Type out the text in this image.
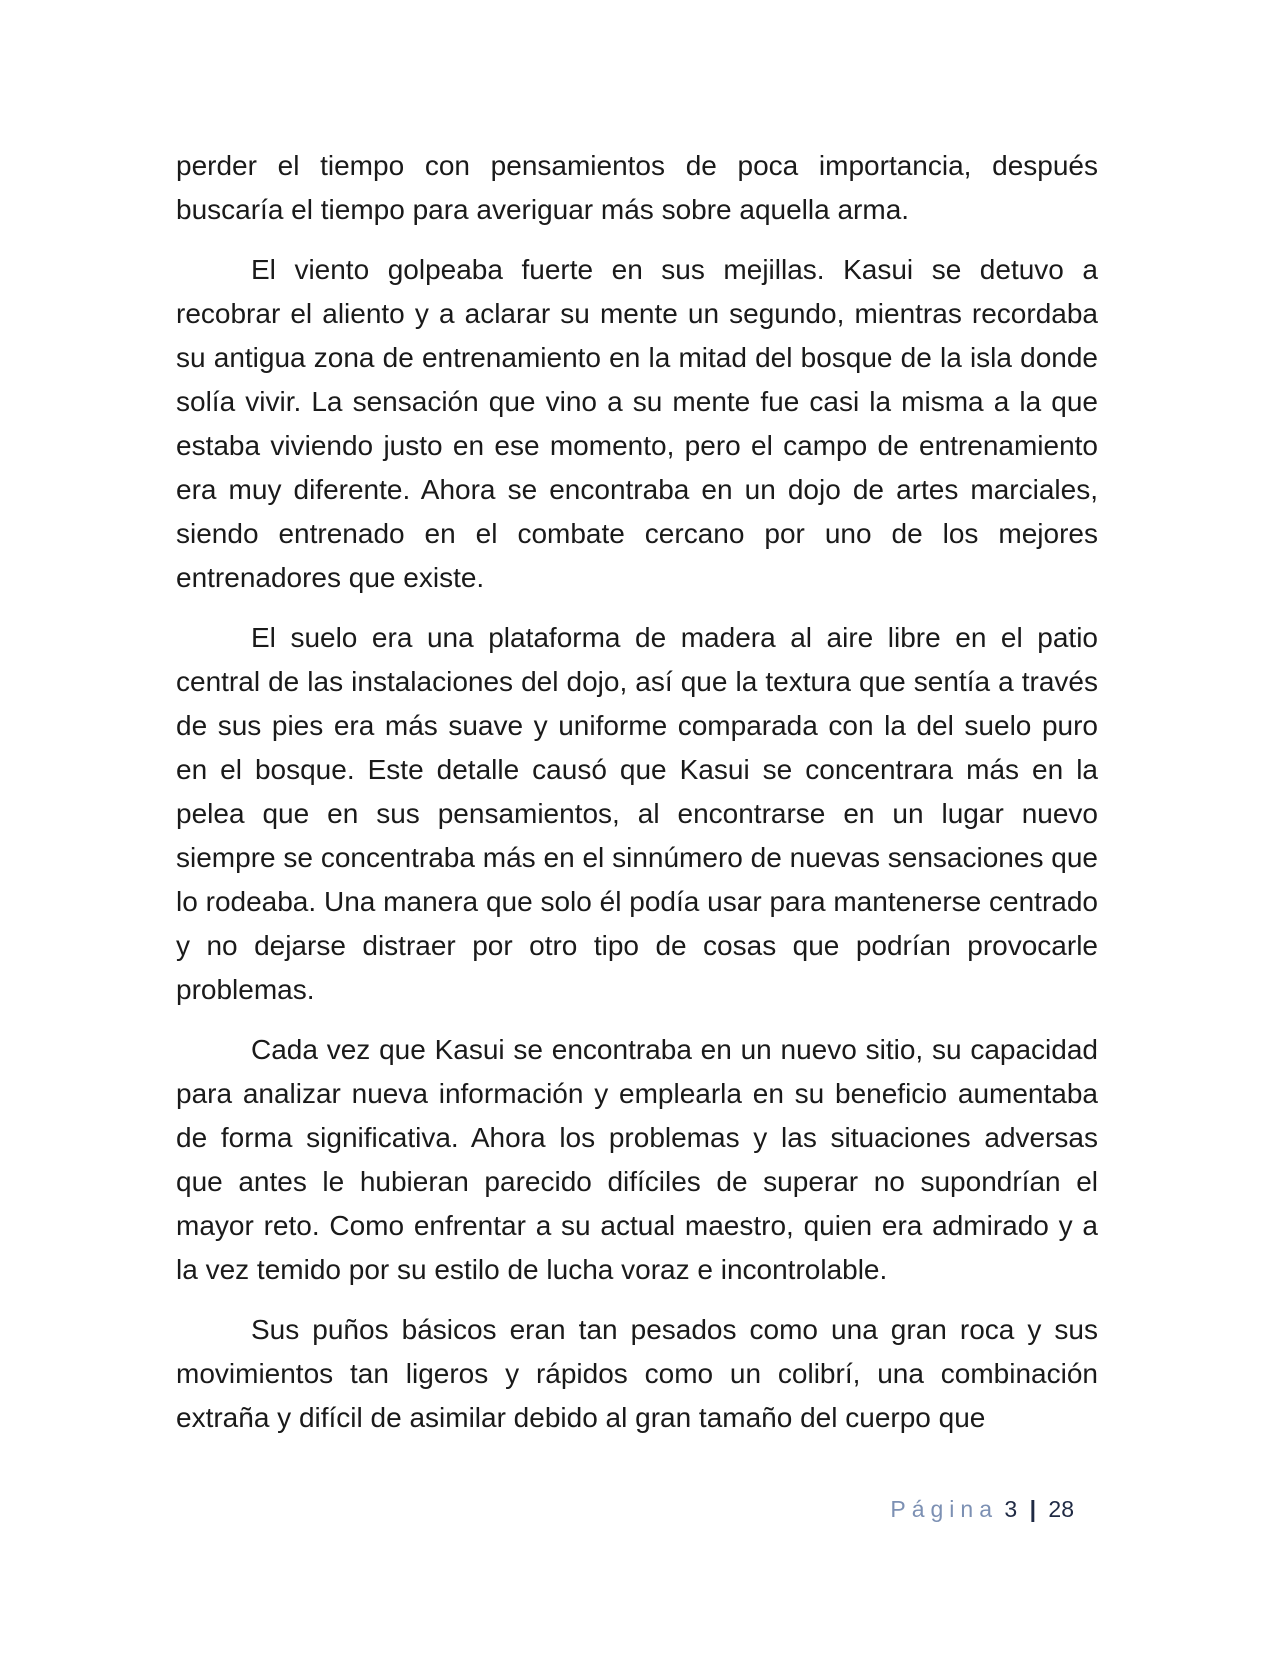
perder el tiempo con pensamientos de poca importancia, después buscaría el tiempo para averiguar más sobre aquella arma.

El viento golpeaba fuerte en sus mejillas. Kasui se detuvo a recobrar el aliento y a aclarar su mente un segundo, mientras recordaba su antigua zona de entrenamiento en la mitad del bosque de la isla donde solía vivir. La sensación que vino a su mente fue casi la misma a la que estaba viviendo justo en ese momento, pero el campo de entrenamiento era muy diferente. Ahora se encontraba en un dojo de artes marciales, siendo entrenado en el combate cercano por uno de los mejores entrenadores que existe.

El suelo era una plataforma de madera al aire libre en el patio central de las instalaciones del dojo, así que la textura que sentía a través de sus pies era más suave y uniforme comparada con la del suelo puro en el bosque. Este detalle causó que Kasui se concentrara más en la pelea que en sus pensamientos, al encontrarse en un lugar nuevo siempre se concentraba más en el sinnúmero de nuevas sensaciones que lo rodeaba. Una manera que solo él podía usar para mantenerse centrado y no dejarse distraer por otro tipo de cosas que podrían provocarle problemas.

Cada vez que Kasui se encontraba en un nuevo sitio, su capacidad para analizar nueva información y emplearla en su beneficio aumentaba de forma significativa. Ahora los problemas y las situaciones adversas que antes le hubieran parecido difíciles de superar no supondrían el mayor reto. Como enfrentar a su actual maestro, quien era admirado y a la vez temido por su estilo de lucha voraz e incontrolable.

Sus puños básicos eran tan pesados como una gran roca y sus movimientos tan ligeros y rápidos como un colibrí, una combinación extraña y difícil de asimilar debido al gran tamaño del cuerpo que

Página 3 | 28
